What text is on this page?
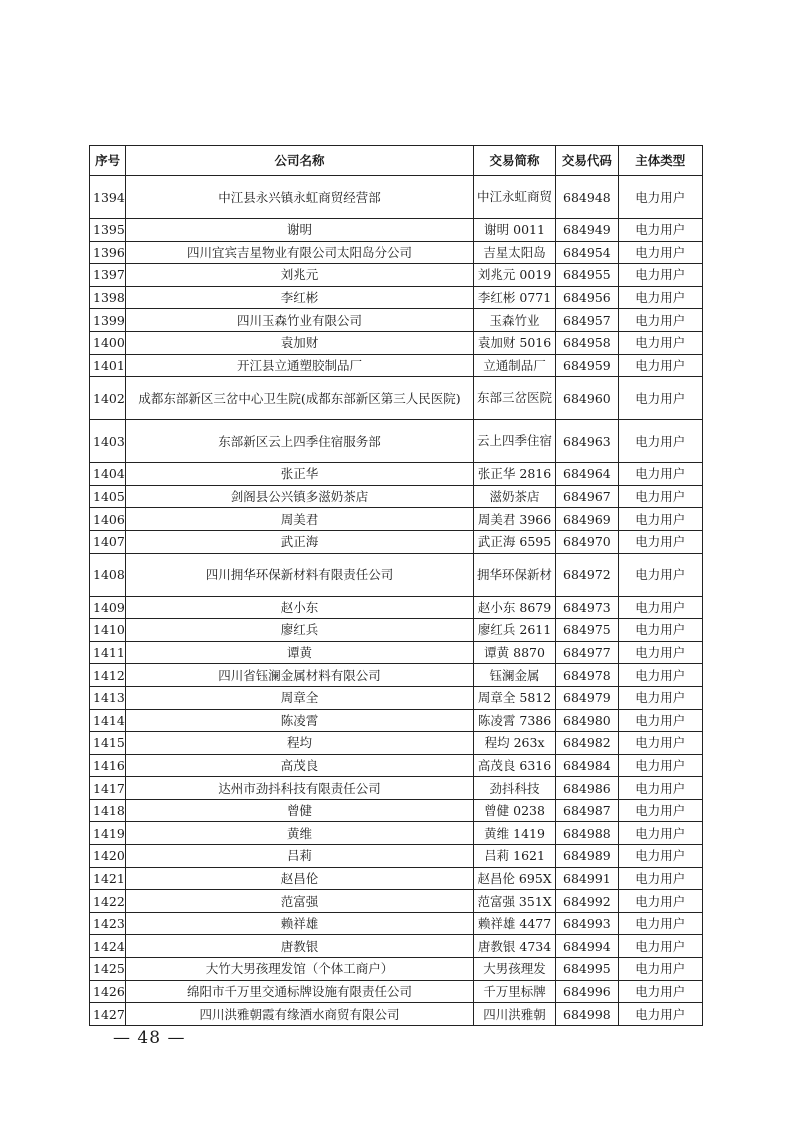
序号	公司名称	交易简称	交易代码	主体类型
1394	中江县永兴镇永虹商贸经营部	中江永虹商贸	684948	电力用户
1395	谢明	谢明 0011	684949	电力用户
1396	四川宜宾吉星物业有限公司太阳岛分公司	吉星太阳岛	684954	电力用户
1397	刘兆元	刘兆元 0019	684955	电力用户
1398	李红彬	李红彬 0771	684956	电力用户
1399	四川玉森竹业有限公司	玉森竹业	684957	电力用户
1400	袁加财	袁加财 5016	684958	电力用户
1401	开江县立通塑胶制品厂	立通制品厂	684959	电力用户
1402	成都东部新区三岔中心卫生院(成都东部新区第三人民医院)	东部三岔医院	684960	电力用户
1403	东部新区云上四季住宿服务部	云上四季住宿	684963	电力用户
1404	张正华	张正华 2816	684964	电力用户
1405	剑阁县公兴镇多滋奶茶店	滋奶茶店	684967	电力用户
1406	周美君	周美君 3966	684969	电力用户
1407	武正海	武正海 6595	684970	电力用户
1408	四川拥华环保新材料有限责任公司	拥华环保新材	684972	电力用户
1409	赵小东	赵小东 8679	684973	电力用户
1410	廖红兵	廖红兵 2611	684975	电力用户
1411	谭黄	谭黄 8870	684977	电力用户
1412	四川省钰澜金属材料有限公司	钰澜金属	684978	电力用户
1413	周章全	周章全 5812	684979	电力用户
1414	陈凌霄	陈凌霄 7386	684980	电力用户
1415	程均	程均 263x	684982	电力用户
1416	高茂良	高茂良 6316	684984	电力用户
1417	达州市劲抖科技有限责任公司	劲抖科技	684986	电力用户
1418	曾健	曾健 0238	684987	电力用户
1419	黄维	黄维 1419	684988	电力用户
1420	吕莉	吕莉 1621	684989	电力用户
1421	赵昌伦	赵昌伦 695X	684991	电力用户
1422	范富强	范富强 351X	684992	电力用户
1423	赖祥雄	赖祥雄 4477	684993	电力用户
1424	唐教银	唐教银 4734	684994	电力用户
1425	大竹大男孩理发馆（个体工商户）	大男孩理发	684995	电力用户
1426	绵阳市千万里交通标牌设施有限责任公司	千万里标牌	684996	电力用户
1427	四川洪雅朝霞有缘酒水商贸有限公司	四川洪雅朝	684998	电力用户
— 48 —
